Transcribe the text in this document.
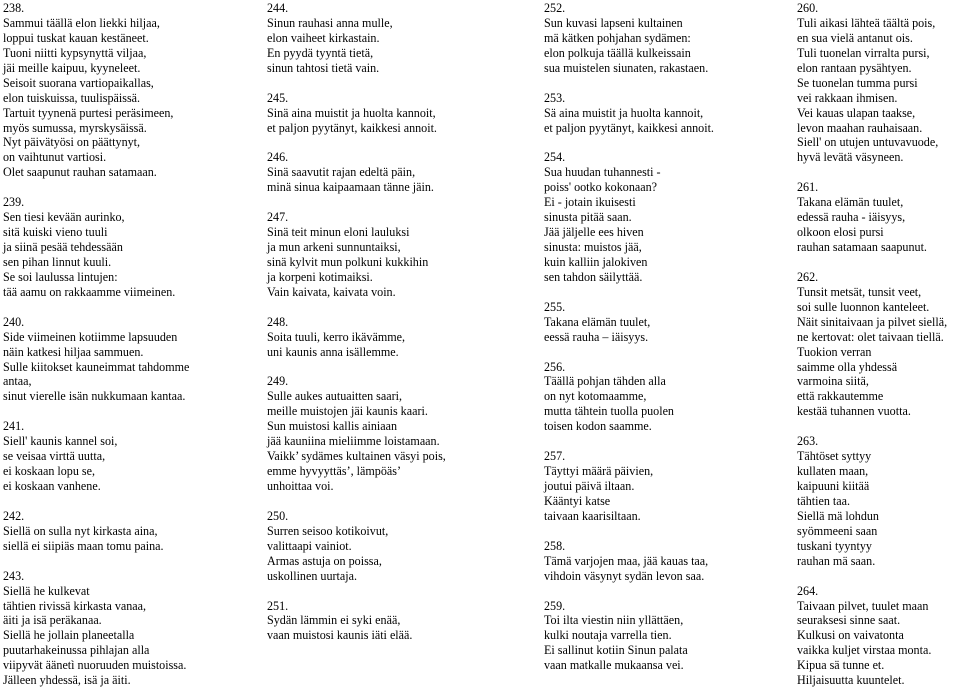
238.
Sammui täällä elon liekki hiljaa,
loppui tuskat kauan kestäneet.
Tuoni niitti kypsynyttä viljaa,
jäi meille kaipuu, kyyneleet.
Seisoit suorana vartiopaikallas,
elon tuiskuissa, tuulispäissä.
Tartuit tyynenä purtesi peräsimeen,
myös sumussa, myrskysäissä.
Nyt päivätyösi on päättynyt,
on vaihtunut vartiosi.
Olet saapunut rauhan satamaan.
239.
Sen tiesi kevään aurinko,
sitä kuiski vieno tuuli
ja siinä pesää tehdessään
sen pihan linnut kuuli.
Se soi laulussa lintujen:
tää aamu on rakkaamme viimeinen.
240.
Side viimeinen kotiimme lapsuuden
näin katkesi hiljaa sammuen.
Sulle kiitokset kauneimmat tahdomme
antaa,
sinut vierelle isän nukkumaan kantaa.
241.
Siell' kaunis kannel soi,
se veisaa virttä uutta,
ei koskaan lopu se,
ei koskaan vanhene.
242.
Siellä on sulla nyt kirkasta aina,
siellä ei siipiäs maan tomu paina.
243.
Siellä he kulkevat
tähtien rivissä kirkasta vanaa,
äiti ja isä peräkanaa.
Siellä he jollain planeetalla
puutarhakeinussa pihlajan alla
viipyvät äänetì nuoruuden muistoissa.
Jälleen yhdessä, isä ja äiti.
244.
Sinun rauhasi anna mulle,
elon vaiheet kirkastain.
En pyydä tyyntä tietä,
sinun tahtosi tietä vain.
245.
Sinä aina muistit ja huolta kannoit,
et paljon pyytänyt, kaikkesi annoit.
246.
Sinä saavutit rajan edeltä päin,
minä sinua kaipaamaan tänne jäin.
247.
Sinä teit minun eloni lauluksi
ja mun arkeni sunnuntaiksi,
sinä kylvit mun polkuni kukkihin
ja korpeni kotimaiksi.
Vain kaivata, kaivata voin.
248.
Soita tuuli, kerro ikävämme,
uni kaunis anna isällemme.
249.
Sulle aukes autuaitten saari,
meille muistojen jäi kaunis kaari.
Sun muistosi kallis ainiaan
jää kauniina mieliimme loistamaan.
Vaikk’ sydämes kultainen väsyi pois,
emme hyvyyttäs’, lämpöäs’
unhoittaa voi.
250.
Surren seisoo kotikoivut,
valittaapi vainiot.
Armas astuja on poissa,
uskollinen uurtaja.
251.
Sydän lämmin ei syki enää,
vaan muistosi kaunis iäti elää.
252.
Sun kuvasi lapseni kultainen
mä kätken pohjahan sydämen:
elon polkuja täällä kulkeissain
sua muistelen siunaten, rakastaen.
253.
Sä aina muistit ja huolta kannoit,
et paljon pyytänyt, kaikkesi annoit.
254.
Sua huudan tuhannesti -
poiss' ootko kokonaan?
Ei - jotain ikuisesti
sinusta pitää saan.
Jää jäljelle ees hiven
sinusta: muistos jää,
kuin kalliin jalokiven
sen tahdon säilyttää.
255.
Takana elämän tuulet,
eessä rauha – iäisyys.
256.
Täällä pohjan tähden alla
on nyt kotomaamme,
mutta tähtein tuolla puolen
toisen kodon saamme.
257.
Täyttyi määrä päivien,
joutui päivä iltaan.
Kääntyi katse
taivaan kaarisiltaan.
258.
Tämä varjojen maa, jää kauas taa,
vihdoin väsynyt sydän levon saa.
259.
Toi ilta viestin niin yllättäen,
kulki noutaja varrella tien.
Ei sallinut kotiin Sinun palata
vaan matkalle mukaansa vei.
260.
Tuli aikasi lähteä täältä pois,
en sua vielä antanut ois.
Tuli tuonelan virralta pursi,
elon rantaan pysähtyen.
Se tuonelan tumma pursi
vei rakkaan ihmisen.
Vei kauas ulapan taakse,
levon maahan rauhaisaan.
Siell' on utujen untuvavuode,
hyvä levätä väsyneen.
261.
Takana elämän tuulet,
edessä rauha - iäisyys,
olkoon elosi pursi
rauhan satamaan saapunut.
262.
Tunsit metsät, tunsit veet,
soi sulle luonnon kanteleet.
Näit sinitaivaan ja pilvet siellä,
ne kertovat: olet taivaan tiellä.
Tuokion verran
saimme olla yhdessä
varmoina siitä,
että rakkautemme
kestää tuhannen vuotta.
263.
Tähtöset syttyy
kullaten maan,
kaipuuni kiitää
tähtien taa.
Siellä mä lohdun
syömmeeni saan
tuskani tyyntyy
rauhan mä saan.
264.
Taivaan pilvet, tuulet maan
seuraksesi sinne saat.
Kulkusi on vaivatonta
vaikka kuljet virstaa monta.
Kipua sä tunne et.
Hiljaisuutta kuuntelet.
